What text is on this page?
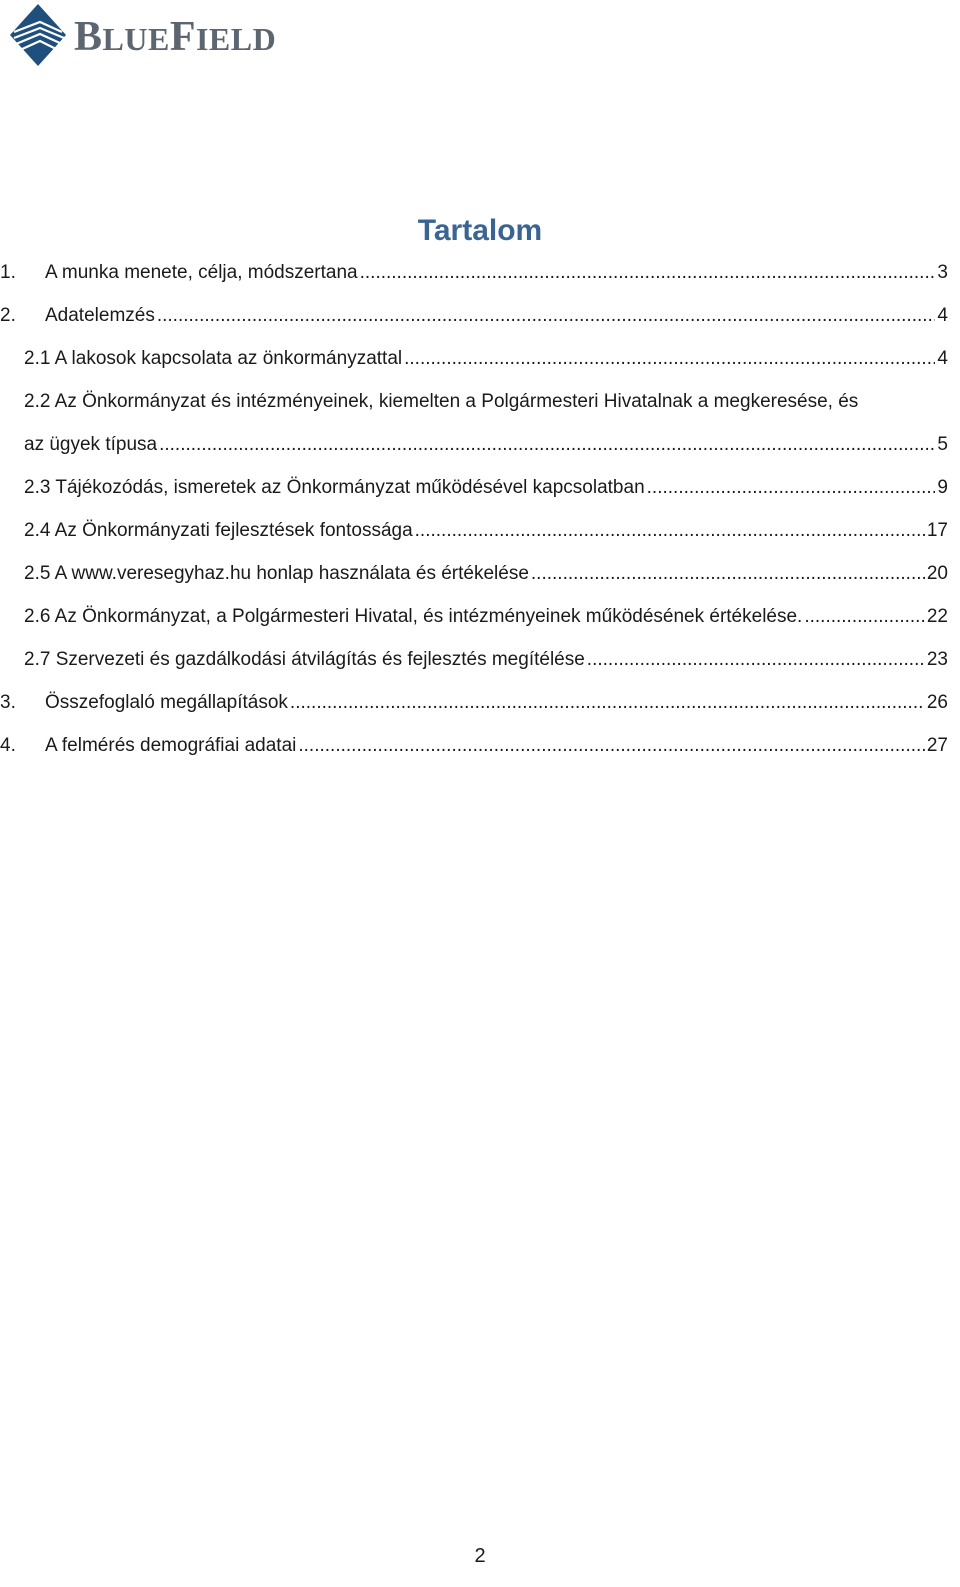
BLUEFIELD
Tartalom
1.	A munka menete, célja, módszertana .....	3
2.	Adatelemzés .....	4
2.1 A lakosok kapcsolata az önkormányzattal .....	4
2.2 Az Önkormányzat és intézményeinek, kiemelten a Polgármesteri Hivatalnak a megkeresése, és
az ügyek típusa .....	5
2.3 Tájékozódás, ismeretek az Önkormányzat működésével kapcsolatban .....	9
2.4 Az Önkormányzati fejlesztések fontossága .....	17
2.5 A www.veresegyhaz.hu honlap használata és értékelése .....	20
2.6 Az Önkormányzat, a Polgármesteri Hivatal, és intézményeinek működésének értékelése. .....	22
2.7 Szervezeti és gazdálkodási átvilágítás és fejlesztés megítélése .....	23
3.	Összefoglaló megállapítások .....	26
4.	A felmérés demográfiai adatai .....	27
2
